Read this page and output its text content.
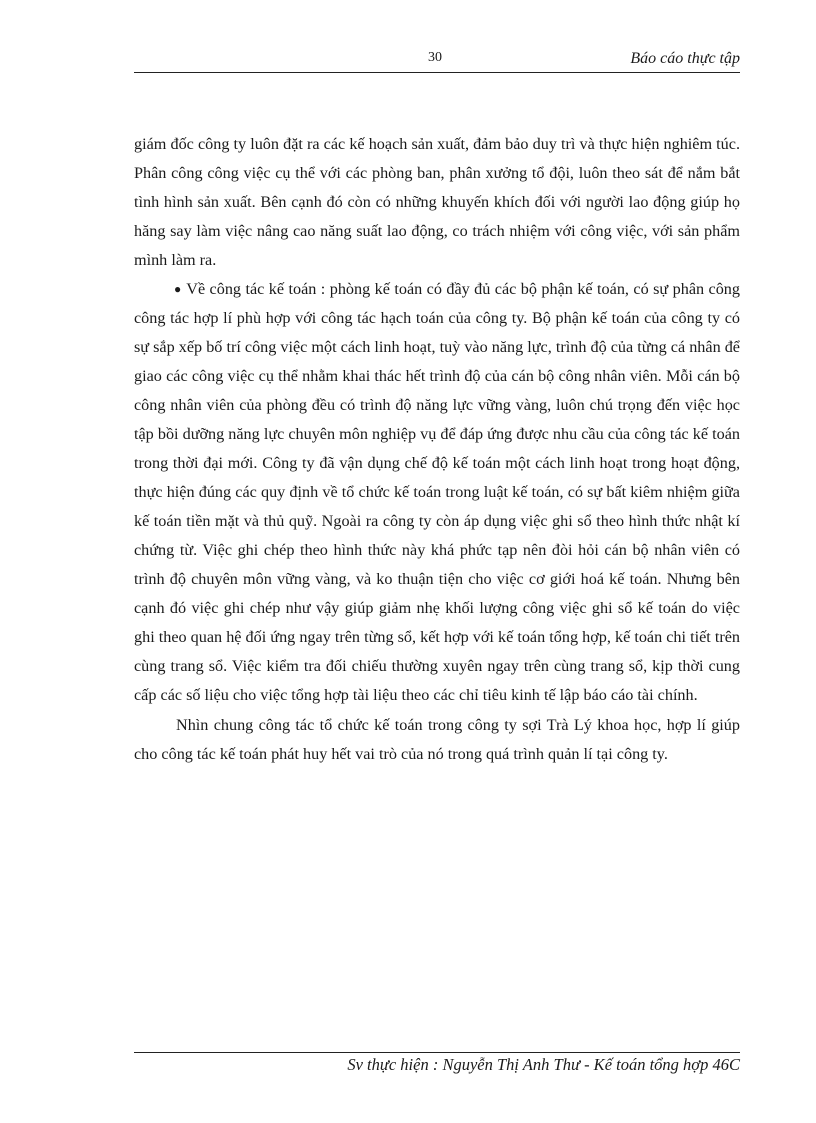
30	Báo cáo thực tập

giám đốc công ty luôn đặt ra các kế hoạch sản xuất, đảm bảo duy trì và thực hiện nghiêm túc. Phân công công việc cụ thể với các phòng ban, phân xưởng tổ đội, luôn theo sát để nắm bắt tình hình sản xuất. Bên cạnh đó còn có những khuyến khích đối với người lao động giúp họ hăng say làm việc nâng cao năng suất lao động, co trách nhiệm với công việc, với sản phẩm mình làm ra.

● Về công tác kế toán : phòng kế toán có đầy đủ các bộ phận kế toán, có sự phân công công tác hợp lí phù hợp với công tác hạch toán của công ty. Bộ phận kế toán của công ty có sự sắp xếp bố trí công việc một cách linh hoạt, tuỳ vào năng lực, trình độ của từng cá nhân để giao các công việc cụ thể nhằm khai thác hết trình độ của cán bộ công nhân viên. Mỗi cán bộ công nhân viên của phòng đều có trình độ năng lực vững vàng, luôn chú trọng đến việc học tập bồi dưỡng năng lực chuyên môn nghiệp vụ để đáp ứng được nhu cầu của công tác kế toán trong thời đại mới. Công ty đã vận dụng chế độ kế toán một cách linh hoạt trong hoạt động, thực hiện đúng các quy định về tổ chức kế toán trong luật kế toán, có sự bất kiêm nhiệm giữa kế toán tiền mặt và thủ quỹ. Ngoài ra công ty còn áp dụng việc ghi sổ theo hình thức nhật kí chứng từ. Việc ghi chép theo hình thức này khá phức tạp nên đòi hỏi cán bộ nhân viên có trình độ chuyên môn vững vàng, và ko thuận tiện cho việc cơ giới hoá kế toán. Nhưng bên cạnh đó việc ghi chép như vậy giúp giảm nhẹ khối lượng công việc ghi sổ kế toán do việc ghi theo quan hệ đối ứng ngay trên từng sổ, kết hợp với kế toán tổng hợp, kế toán chi tiết trên cùng trang sổ. Việc kiểm tra đối chiếu thường xuyên ngay trên cùng trang sổ, kịp thời cung cấp các số liệu cho việc tổng hợp tài liệu theo các chỉ tiêu kinh tế lập báo cáo tài chính.

Nhìn chung công tác tổ chức kế toán trong công ty sợi Trà Lý khoa học, hợp lí giúp cho công tác kế toán phát huy hết vai trò của nó trong quá trình quản lí tại công ty.

Sv thực hiện : Nguyễn Thị Anh Thư - Kế toán tổng hợp 46C
